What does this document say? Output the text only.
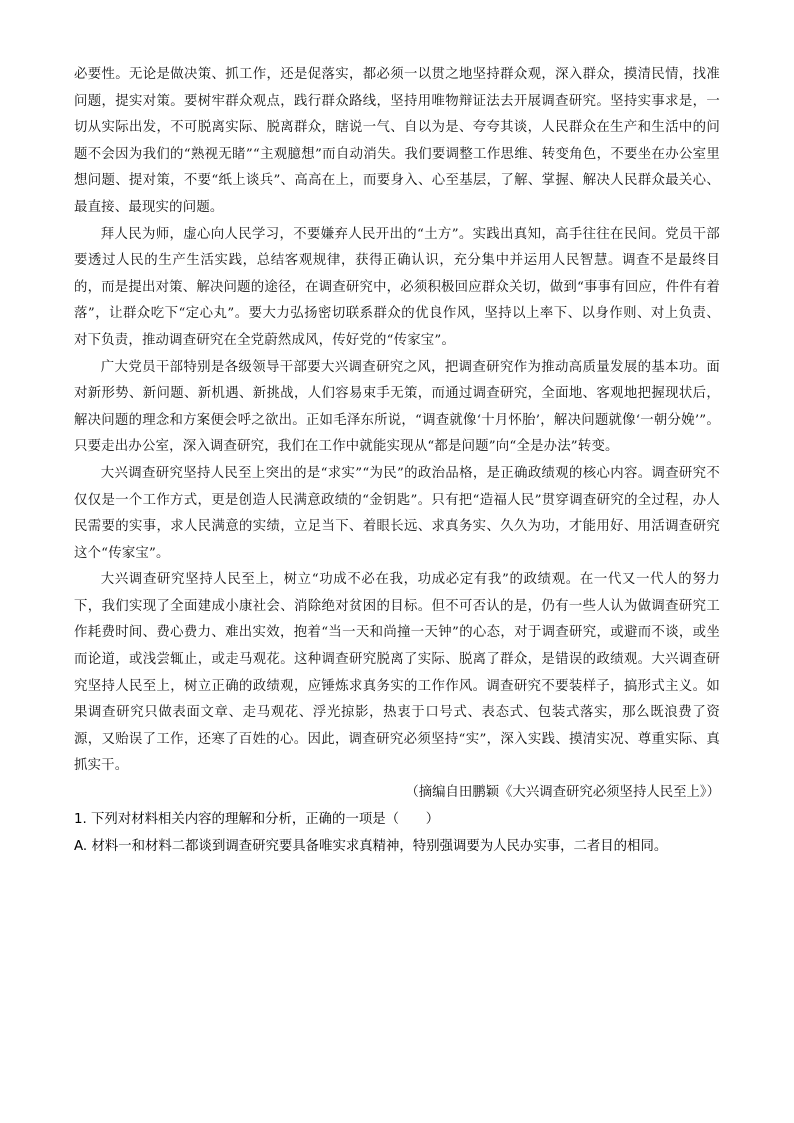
必要性。无论是做决策、抓工作，还是促落实，都必须一以贯之地坚持群众观，深入群众，摸清民情，找准问题，提实对策。要树牢群众观点，践行群众路线，坚持用唯物辩证法去开展调查研究。坚持实事求是，一切从实际出发，不可脱离实际、脱离群众，瞎说一气、自以为是、夸夸其谈，人民群众在生产和生活中的问题不会因为我们的“熟视无睹”“主观臆想”而自动消失。我们要调整工作思维、转变角色，不要坐在办公室里想问题、提对策，不要“纸上谈兵”、高高在上，而要身入、心至基层，了解、掌握、解决人民群众最关心、最直接、最现实的问题。

拜人民为师，虚心向人民学习，不要嫌弃人民开出的“土方”。实践出真知，高手往往在民间。党员干部要透过人民的生产生活实践，总结客观规律，获得正确认识，充分集中并运用人民智慧。调查不是最终目的，而是提出对策、解决问题的途径，在调查研究中，必须积极回应群众关切，做到“事事有回应，件件有着落”，让群众吃下“定心丸”。要大力弘扬密切联系群众的优良作风，坚持以上率下、以身作则、对上负责、对下负责，推动调查研究在全党蔚然成风，传好党的“传家宝”。

广大党员干部特别是各级领导干部要大兴调查研究之风，把调查研究作为推动高质量发展的基本功。面对新形势、新问题、新机遇、新挑战，人们容易束手无策，而通过调查研究，全面地、客观地把握现状后，解决问题的理念和方案便会呼之欲出。正如毛泽东所说，“调查就像‘十月怀胎’，解决问题就像‘一朝分娩’”。只要走出办公室，深入调查研究，我们在工作中就能实现从“都是问题”向“全是办法”转变。

大兴调查研究坚持人民至上突出的是“求实”“为民”的政治品格，是正确政绩观的核心内容。调查研究不仅仅是一个工作方式，更是创造人民满意政绩的“金钥匙”。只有把“造福人民”贯穿调查研究的全过程，办人民需要的实事，求人民满意的实绩，立足当下、着眼长远、求真务实、久久为功，才能用好、用活调查研究这个“传家宝”。

大兴调查研究坚持人民至上，树立“功成不必在我，功成必定有我”的政绩观。在一代又一代人的努力下，我们实现了全面建成小康社会、消除绝对贫困的目标。但不可否认的是，仍有一些人认为做调查研究工作耗费时间、费心费力、难出实效，抱着“当一天和尚撞一天钟”的心态，对于调查研究，或避而不谈，或坐而论道，或浅尝辄止，或走马观花。这种调查研究脱离了实际、脱离了群众，是错误的政绩观。大兴调查研究坚持人民至上，树立正确的政绩观，应锤炼求真务实的工作作风。调查研究不要装样子，搞形式主义。如果调查研究只做表面文章、走马观花、浮光掠影，热衷于口号式、表态式、包装式落实，那么既浪费了资源，又贻误了工作，还寒了百姓的心。因此，调查研究必须坚持“实”，深入实践、摸清实况、尊重实际、真抓实干。

（摘编自田鹏颖《大兴调查研究必须坚持人民至上》）

1. 下列对材料相关内容的理解和分析，正确的一项是（　　）

A. 材料一和材料二都谈到调查研究要具备唯实求真精神，特别强调要为人民办实事，二者目的相同。
